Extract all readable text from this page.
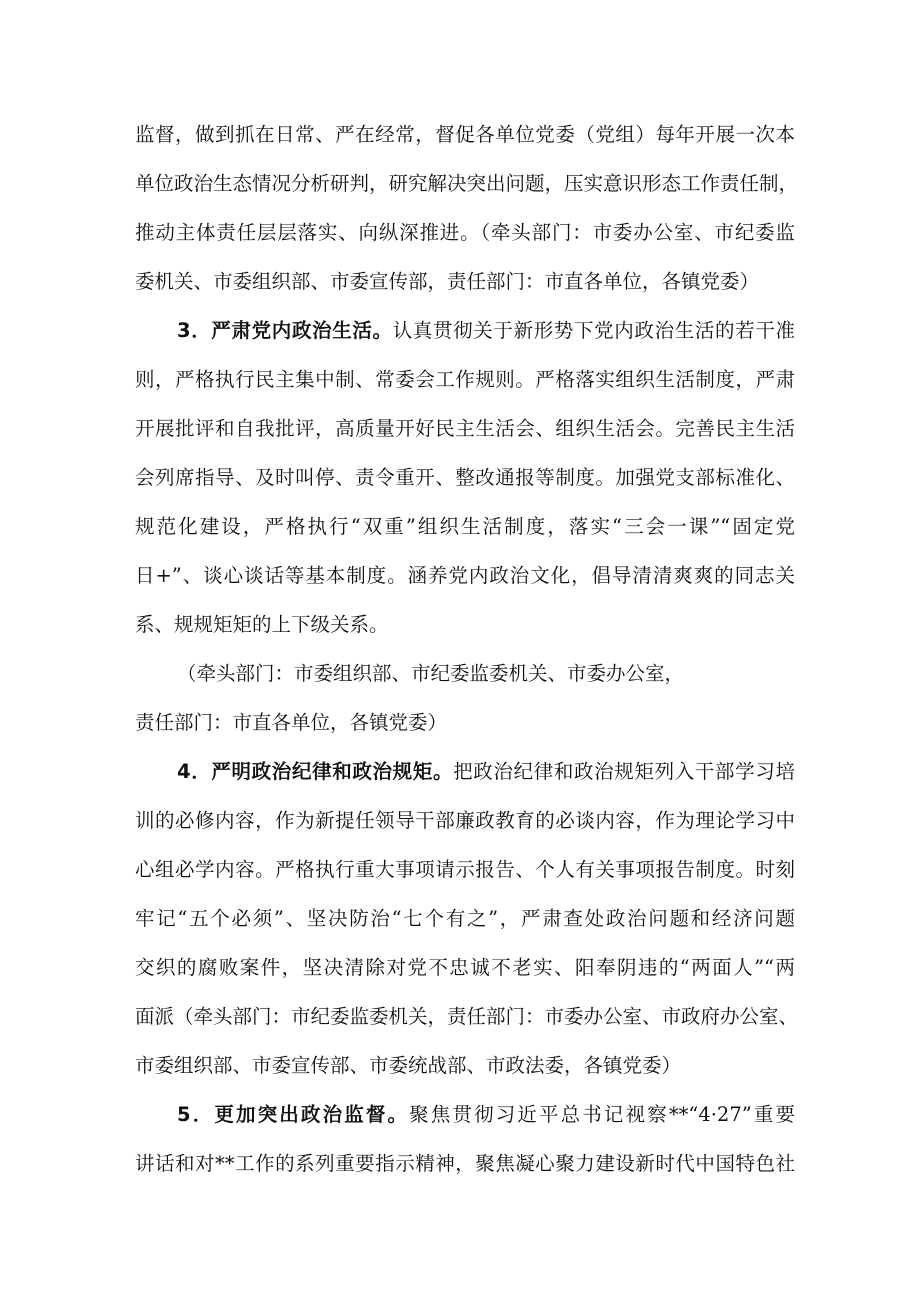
监督，做到抓在日常、严在经常，督促各单位党委（党组）每年开展一次本
单位政治生态情况分析研判，研究解决突出问题，压实意识形态工作责任制，
推动主体责任层层落实、向纵深推进。（牵头部门：市委办公室、市纪委监
委机关、市委组织部、市委宣传部，责任部门：市直各单位，各镇党委）
3．严肃党内政治生活。认真贯彻关于新形势下党内政治生活的若干准
则，严格执行民主集中制、常委会工作规则。严格落实组织生活制度，严肃
开展批评和自我批评，高质量开好民主生活会、组织生活会。完善民主生活
会列席指导、及时叫停、责令重开、整改通报等制度。加强党支部标准化、
规范化建设，严格执行“双重”组织生活制度，落实“三会一课”“固定党
日+”、谈心谈话等基本制度。涵养党内政治文化，倡导清清爽爽的同志关
系、规规矩矩的上下级关系。
（牵头部门：市委组织部、市纪委监委机关、市委办公室，
责任部门：市直各单位，各镇党委）
4．严明政治纪律和政治规矩。把政治纪律和政治规矩列入干部学习培
训的必修内容，作为新提任领导干部廉政教育的必谈内容，作为理论学习中
心组必学内容。严格执行重大事项请示报告、个人有关事项报告制度。时刻
牢记“五个必须”、坚决防治“七个有之”，严肃查处政治问题和经济问题
交织的腐败案件，坚决清除对党不忠诚不老实、阳奉阴违的“两面人”“两
面派（牵头部门：市纪委监委机关，责任部门：市委办公室、市政府办公室、
市委组织部、市委宣传部、市委统战部、市政法委，各镇党委）
5．更加突出政治监督。聚焦贯彻习近平总书记视察**“4·27”重要
讲话和对**工作的系列重要指示精神，聚焦凝心聚力建设新时代中国特色社
